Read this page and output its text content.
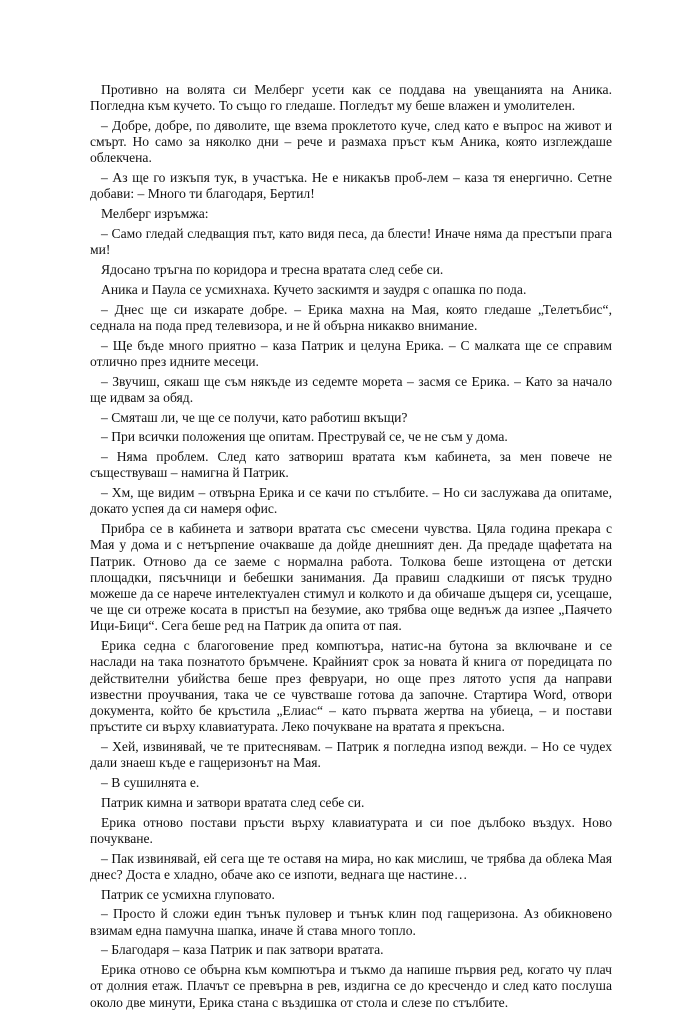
Противно на волята си Мелберг усети как се поддава на увещанията на Аника. Погледна към кучето. То също го гледаше. Погледът му беше влажен и умолителен.

– Добре, добре, по дяволите, ще взема проклетото куче, след като е въпрос на живот и смърт. Но само за няколко дни – рече и размаха пръст към Аника, която изглеждаше облекчена.

– Аз ще го изкъпя тук, в участъка. Не е никакъв проб-лем – каза тя енергично. Сетне добави: – Много ти благодаря, Бертил!

Мелберг изръмжа:

– Само гледай следващия път, като видя песа, да блести! Иначе няма да престъпи прага ми!

Ядосано тръгна по коридора и тресна вратата след себе си.

Аника и Паула се усмихнаха. Кучето заскимтя и заудря с опашка по пода.

– Днес ще си изкарате добре. – Ерика махна на Мая, която гледаше „Телетъбис“, седнала на пода пред телевизора, и не й обърна никакво внимание.

– Ще бъде много приятно – каза Патрик и целуна Ерика. – С малката ще се справим отлично през идните месеци.

– Звучиш, сякаш ще съм някъде из седемте морета – засмя се Ерика. – Като за начало ще идвам за обяд.

– Смяташ ли, че ще се получи, като работиш вкъщи?

– При всички положения ще опитам. Преструвай се, че не съм у дома.

– Няма проблем. След като затвориш вратата към кабинета, за мен повече не съществуваш – намигна й Патрик.

– Хм, ще видим – отвърна Ерика и се качи по стълбите. – Но си заслужава да опитаме, докато успея да си намеря офис.

Прибра се в кабинета и затвори вратата със смесени чувства. Цяла година прекара с Мая у дома и с нетърпение очакваше да дойде днешният ден. Да предаде щафетата на Патрик. Отново да се заеме с нормална работа. Толкова беше изтощена от детски площадки, пясъчници и бебешки занимания. Да правиш сладкиши от пясък трудно можеше да се нарече интелектуален стимул и колкото и да обичаше дъщеря си, усещаше, че ще си отреже косата в пристъп на безумие, ако трябва още веднъж да изпее „Паячето Ици-Бици“. Сега беше ред на Патрик да опита от пая.

Ерика седна с благоговение пред компютъра, натис-на бутона за включване и се наслади на така познатото бръмчене. Крайният срок за новата й книга от поредицата по действителни убийства беше през февруари, но още през лятото успя да направи известни проучвания, така че се чувстваше готова да започне. Стартира Word, отвори документа, който бе кръстила „Елиас“ – като първата жертва на убиеца, – и постави пръстите си върху клавиатурата. Леко почукване на вратата я прекъсна.

– Хей, извинявай, че те притеснявам. – Патрик я погледна изпод вежди. – Но се чудех дали знаеш къде е гащеризонът на Мая.

– В сушилнята е.

Патрик кимна и затвори вратата след себе си.

Ерика отново постави пръсти върху клавиатурата и си пое дълбоко въздух. Ново почукване.

– Пак извинявай, ей сега ще те оставя на мира, но как мислиш, че трябва да облека Мая днес? Доста е хладно, обаче ако се изпоти, веднага ще настине…

Патрик се усмихна глуповато.

– Просто й сложи един тънък пуловер и тънък клин под гащеризона. Аз обикновено взимам една памучна шапка, иначе й става много топло.

– Благодаря – каза Патрик и пак затвори вратата.

Ерика отново се обърна към компютъра и тъкмо да напише първия ред, когато чу плач от долния етаж. Плачът се превърна в рев, издигна се до кресчендо и след като послуша около две минути, Ерика стана с въздишка от стола и слезе по стълбите.
